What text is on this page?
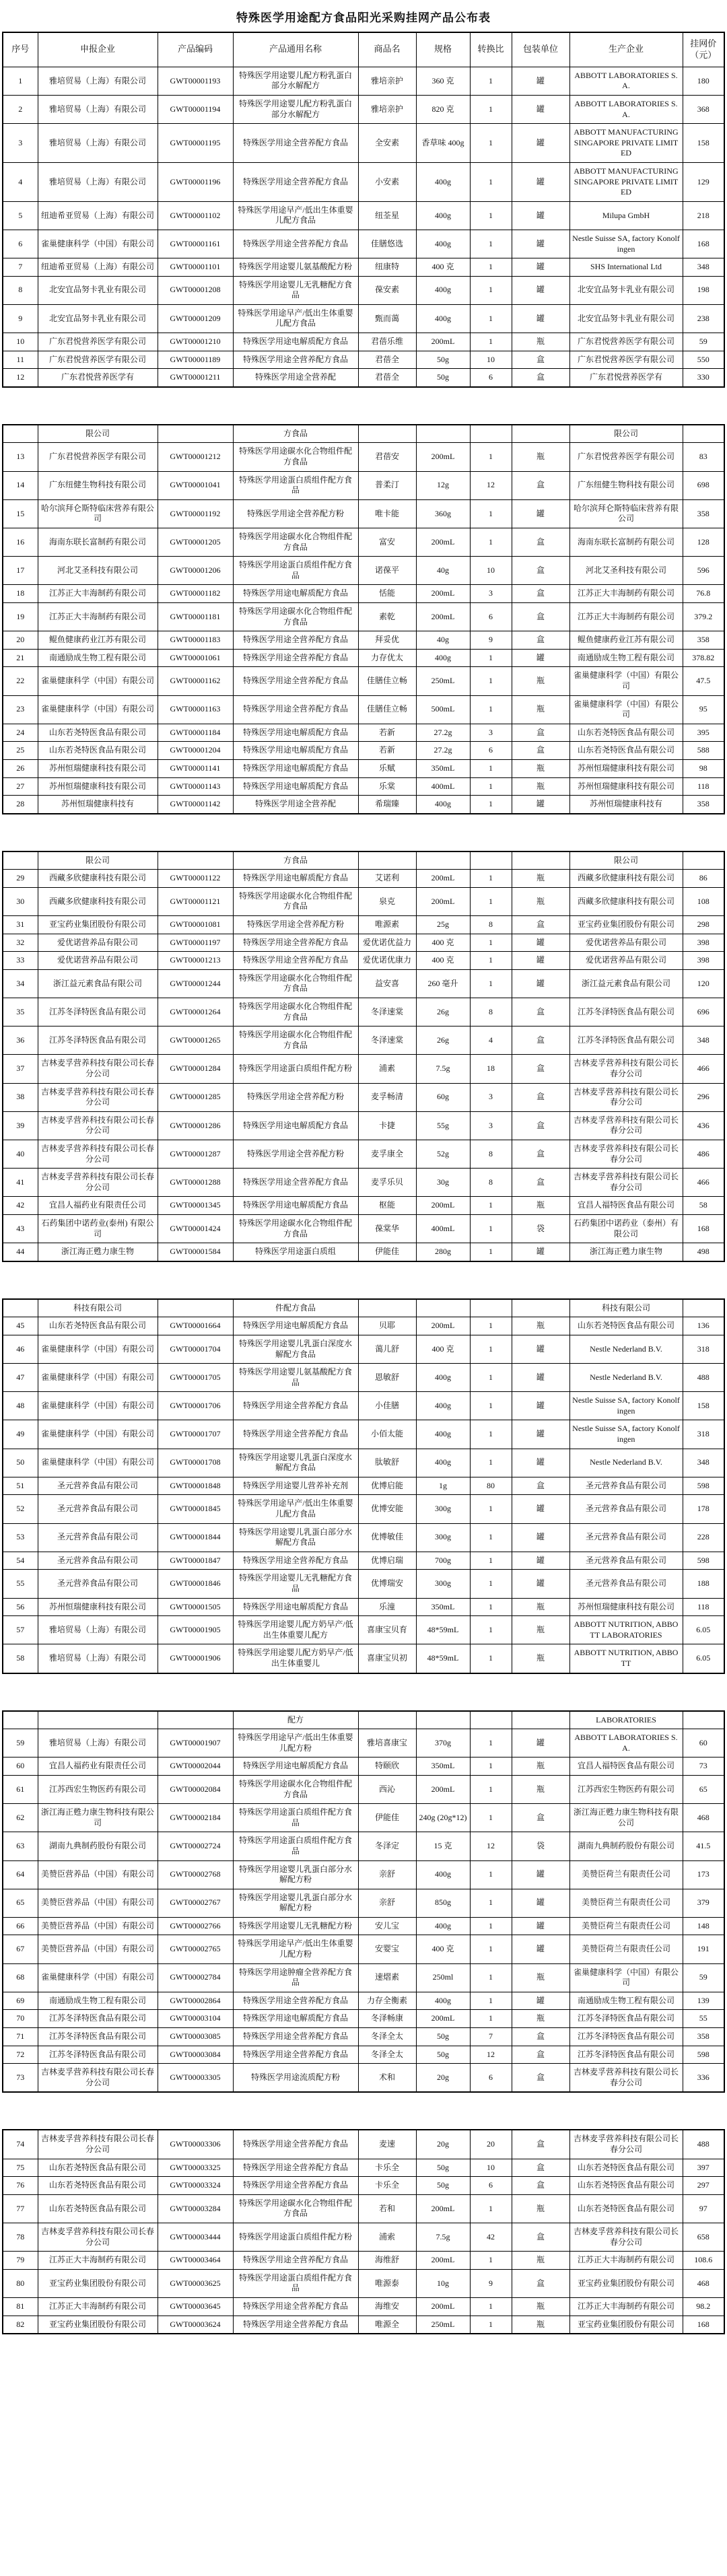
特殊医学用途配方食品阳光采购挂网产品公布表
序号	申报企业	产品编码	产品通用名称	商品名	规格	转换比	包装单位	生产企业	挂网价（元）
1	雅培贸易（上海）有限公司	GWT00001193	特殊医学用途婴儿配方粉乳蛋白部分水解配方	雅培亲护	360 克	1	罐	ABBOTT LABORATORIES S.A.	180
2	雅培贸易（上海）有限公司	GWT00001194	特殊医学用途婴儿配方粉乳蛋白部分水解配方	雅培亲护	820 克	1	罐	ABBOTT LABORATORIES S.A.	368
3	雅培贸易（上海）有限公司	GWT00001195	特殊医学用途全营养配方食品	全安素	香草味 400g	1	罐	ABBOTT MANUFACTURING SINGAPORE PRIVATE LIMITED	158
4	雅培贸易（上海）有限公司	GWT00001196	特殊医学用途全营养配方食品	小安素	400g	1	罐	ABBOTT MANUFACTURING SINGAPORE PRIVATE LIMITED	129
5	纽迪希亚贸易（上海）有限公司	GWT00001102	特殊医学用途早产/低出生体重婴儿配方食品	纽荃星	400g	1	罐	Milupa GmbH	218
6	雀巢健康科学（中国）有限公司	GWT00001161	特殊医学用途全营养配方食品	佳膳悠选	400g	1	罐	Nestle Suisse SA, factory Konolfingen	168
7	纽迪希亚贸易（上海）有限公司	GWT00001101	特殊医学用途婴儿氨基酸配方粉	纽康特	400 克	1	罐	SHS International Ltd	348
8	北安宜品努卡乳业有限公司	GWT00001208	特殊医学用途婴儿无乳糖配方食品	葆安素	400g	1	罐	北安宜品努卡乳业有限公司	198
9	北安宜品努卡乳业有限公司	GWT00001209	特殊医学用途早产/低出生体重婴儿配方食品	甄而蔼	400g	1	罐	北安宜品努卡乳业有限公司	238
10	广东君悦营养医学有限公司	GWT00001210	特殊医学用途电解质配方食品	君蓓乐维	200mL	1	瓶	广东君悦营养医学有限公司	59
11	广东君悦营养医学有限公司	GWT00001189	特殊医学用途全营养配方食品	君蓓全	50g	10	盒	广东君悦营养医学有限公司	550
12	广东君悦营养医学有	GWT00001211	特殊医学用途全营养配	君蓓全	50g	6	盒	广东君悦营养医学有	330
	限公司		方食品					限公司	
13	广东君悦营养医学有限公司	GWT00001212	特殊医学用途碳水化合物组件配方食品	君蓓安	200mL	1	瓶	广东君悦营养医学有限公司	83
14	广东纽健生物科技有限公司	GWT00001041	特殊医学用途蛋白质组件配方食品	普柔汀	12g	12	盒	广东纽健生物科技有限公司	698
15	哈尔滨拜仑斯特临床营养有限公司	GWT00001192	特殊医学用途全营养配方粉	唯卡能	360g	1	罐	哈尔滨拜仑斯特临床营养有限公司	358
16	海南东联长富制药有限公司	GWT00001205	特殊医学用途碳水化合物组件配方食品	富安	200mL	1	盒	海南东联长富制药有限公司	128
17	河北艾圣科技有限公司	GWT00001206	特殊医学用途蛋白质组件配方食品	诺葆平	40g	10	盒	河北艾圣科技有限公司	596
18	江苏正大丰海制药有限公司	GWT00001182	特殊医学用途电解质配方食品	恬能	200mL	3	盒	江苏正大丰海制药有限公司	76.8
19	江苏正大丰海制药有限公司	GWT00001181	特殊医学用途碳水化合物组件配方食品	素乾	200mL	6	盒	江苏正大丰海制药有限公司	379.2
20	鲲鱼健康药业江苏有限公司	GWT00001183	特殊医学用途全营养配方食品	拜妥优	40g	9	盒	鲲鱼健康药业江苏有限公司	358
21	南通励成生物工程有限公司	GWT00001061	特殊医学用途全营养配方食品	力存优太	400g	1	罐	南通励成生物工程有限公司	378.82
22	雀巢健康科学（中国）有限公司	GWT00001162	特殊医学用途全营养配方食品	佳膳佳立畅	250mL	1	瓶	雀巢健康科学（中国）有限公司	47.5
23	雀巢健康科学（中国）有限公司	GWT00001163	特殊医学用途全营养配方食品	佳膳佳立畅	500mL	1	瓶	雀巢健康科学（中国）有限公司	95
24	山东若尧特医食品有限公司	GWT00001184	特殊医学用途电解质配方食品	若新	27.2g	3	盒	山东若尧特医食品有限公司	395
25	山东若尧特医食品有限公司	GWT00001204	特殊医学用途电解质配方食品	若新	27.2g	6	盒	山东若尧特医食品有限公司	588
26	苏州恒瑞健康科技有限公司	GWT00001141	特殊医学用途电解质配方食品	乐赋	350mL	1	瓶	苏州恒瑞健康科技有限公司	98
27	苏州恒瑞健康科技有限公司	GWT00001143	特殊医学用途电解质配方食品	乐棠	400mL	1	瓶	苏州恒瑞健康科技有限公司	118
28	苏州恒瑞健康科技有	GWT00001142	特殊医学用途全营养配	希瑞臻	400g	1	罐	苏州恒瑞健康科技有	358
	限公司		方食品					限公司	
29	西藏多欣健康科技有限公司	GWT00001122	特殊医学用途电解质配方食品	艾诺利	200mL	1	瓶	西藏多欣健康科技有限公司	86
30	西藏多欣健康科技有限公司	GWT00001121	特殊医学用途碳水化合物组件配方食品	泉克	200mL	1	瓶	西藏多欣健康科技有限公司	108
31	亚宝药业集团股份有限公司	GWT00001081	特殊医学用途全营养配方粉	唯源素	25g	8	盒	亚宝药业集团股份有限公司	298
32	爱优诺营养品有限公司	GWT00001197	特殊医学用途全营养配方食品	爱优诺优益力	400 克	1	罐	爱优诺营养品有限公司	398
33	爱优诺营养品有限公司	GWT00001213	特殊医学用途全营养配方食品	爱优诺优康力	400 克	1	罐	爱优诺营养品有限公司	398
34	浙江益元素食品有限公司	GWT00001244	特殊医学用途碳水化合物组件配方食品	益安喜	260 毫升	1	罐	浙江益元素食品有限公司	120
35	江苏冬泽特医食品有限公司	GWT00001264	特殊医学用途碳水化合物组件配方食品	冬泽速棠	26g	8	盒	江苏冬泽特医食品有限公司	696
36	江苏冬泽特医食品有限公司	GWT00001265	特殊医学用途碳水化合物组件配方食品	冬泽速棠	26g	4	盒	江苏冬泽特医食品有限公司	348
37	吉林麦孚营养科技有限公司长春分公司	GWT00001284	特殊医学用途蛋白质组件配方粉	浦素	7.5g	18	盒	吉林麦孚营养科技有限公司长春分公司	466
38	吉林麦孚营养科技有限公司长春分公司	GWT00001285	特殊医学用途全营养配方粉	麦孚畅清	60g	3	盒	吉林麦孚营养科技有限公司长春分公司	296
39	吉林麦孚营养科技有限公司长春分公司	GWT00001286	特殊医学用途电解质配方食品	卡捷	55g	3	盒	吉林麦孚营养科技有限公司长春分公司	436
40	吉林麦孚营养科技有限公司长春分公司	GWT00001287	特殊医学用途全营养配方粉	麦孚康全	52g	8	盒	吉林麦孚营养科技有限公司长春分公司	486
41	吉林麦孚营养科技有限公司长春分公司	GWT00001288	特殊医学用途全营养配方食品	麦孚乐贝	30g	8	盒	吉林麦孚营养科技有限公司长春分公司	466
42	宜昌人福药业有限责任公司	GWT00001345	特殊医学用途电解质配方食品	枢能	200mL	1	瓶	宜昌人福特医食品有限公司	58
43	石药集团中诺药业(泰州) 有限公司	GWT00001424	特殊医学用途碳水化合物组件配方食品	葆棠华	400mL	1	袋	石药集团中诺药业（泰州）有限公司	168
44	浙江海正甦力康生物	GWT00001584	特殊医学用途蛋白质组	伊能佳	280g	1	罐	浙江海正甦力康生物	498
	科技有限公司		件配方食品					科技有限公司	
45	山东若尧特医食品有限公司	GWT00001664	特殊医学用途电解质配方食品	贝耶	200mL	1	瓶	山东若尧特医食品有限公司	136
46	雀巢健康科学（中国）有限公司	GWT00001704	特殊医学用途婴儿乳蛋白深度水解配方食品	蔼儿舒	400 克	1	罐	Nestle Nederland B.V.	318
47	雀巢健康科学（中国）有限公司	GWT00001705	特殊医学用途婴儿氨基酸配方食品	恩敏舒	400g	1	罐	Nestle Nederland B.V.	488
48	雀巢健康科学（中国）有限公司	GWT00001706	特殊医学用途全营养配方食品	小佳膳	400g	1	罐	Nestle Suisse SA, factory Konolfingen	158
49	雀巢健康科学（中国）有限公司	GWT00001707	特殊医学用途全营养配方食品	小佰太能	400g	1	罐	Nestle Suisse SA, factory Konolfingen	318
50	雀巢健康科学（中国）有限公司	GWT00001708	特殊医学用途婴儿乳蛋白深度水解配方食品	肽敏舒	400g	1	罐	Nestle Nederland B.V.	348
51	圣元营养食品有限公司	GWT00001848	特殊医学用途婴儿营养补充剂	优博启能	1g	80	盒	圣元营养食品有限公司	598
52	圣元营养食品有限公司	GWT00001845	特殊医学用途早产/低出生体重婴儿配方食品	优博安能	300g	1	罐	圣元营养食品有限公司	178
53	圣元营养食品有限公司	GWT00001844	特殊医学用途婴儿乳蛋白部分水解配方食品	优博敏佳	300g	1	罐	圣元营养食品有限公司	228
54	圣元营养食品有限公司	GWT00001847	特殊医学用途全营养配方食品	优博启瑞	700g	1	罐	圣元营养食品有限公司	598
55	圣元营养食品有限公司	GWT00001846	特殊医学用途婴儿无乳糖配方食品	优博瑞安	300g	1	罐	圣元营养食品有限公司	188
56	苏州恒瑞健康科技有限公司	GWT00001505	特殊医学用途电解质配方食品	乐潼	350mL	1	瓶	苏州恒瑞健康科技有限公司	118
57	雅培贸易（上海）有限公司	GWT00001905	特殊医学用途婴儿配方奶早产/低出生体重婴儿配方	喜康宝贝育	48*59mL	1	瓶	ABBOTT NUTRITION, ABBOTT LABORATORIES	6.05
58	雅培贸易（上海）有限公司	GWT00001906	特殊医学用途婴儿配方奶早产/低出生体重婴儿	喜康宝贝初	48*59mL	1	瓶	ABBOTT NUTRITION, ABBOTT	6.05
			配方					LABORATORIES	
59	雅培贸易（上海）有限公司	GWT00001907	特殊医学用途早产/低出生体重婴儿配方粉	雅培喜康宝	370g	1	罐	ABBOTT LABORATORIES S.A.	60
60	宜昌人福药业有限责任公司	GWT00002044	特殊医学用途电解质配方食品	特颐欣	350mL	1	瓶	宜昌人福特医食品有限公司	73
61	江苏西宏生物医药有限公司	GWT00002084	特殊医学用途碳水化合物组件配方食品	西沁	200mL	1	瓶	江苏西宏生物医药有限公司	65
62	浙江海正甦力康生物科技有限公司	GWT00002184	特殊医学用途蛋白质组件配方食品	伊能佳	240g (20g*12)	1	盒	浙江海正甦力康生物科技有限公司	468
63	湖南九典制药股份有限公司	GWT00002724	特殊医学用途蛋白质组件配方食品	冬泽定	15 克	12	袋	湖南九典制药股份有限公司	41.5
64	美赞臣营养品（中国）有限公司	GWT00002768	特殊医学用途婴儿乳蛋白部分水解配方粉	亲舒	400g	1	罐	美赞臣荷兰有限责任公司	173
65	美赞臣营养品（中国）有限公司	GWT00002767	特殊医学用途婴儿乳蛋白部分水解配方粉	亲舒	850g	1	罐	美赞臣荷兰有限责任公司	379
66	美赞臣营养品（中国）有限公司	GWT00002766	特殊医学用途婴儿无乳糖配方粉	安儿宝	400g	1	罐	美赞臣荷兰有限责任公司	148
67	美赞臣营养品（中国）有限公司	GWT00002765	特殊医学用途早产/低出生体重婴儿配方粉	安婴宝	400 克	1	罐	美赞臣荷兰有限责任公司	191
68	雀巢健康科学（中国）有限公司	GWT00002784	特殊医学用途肿瘤全营养配方食品	速熠素	250ml	1	瓶	雀巢健康科学（中国）有限公司	59
69	南通励成生物工程有限公司	GWT00002864	特殊医学用途全营养配方食品	力存全衡素	400g	1	罐	南通励成生物工程有限公司	139
70	江苏冬泽特医食品有限公司	GWT00003104	特殊医学用途电解质配方食品	冬泽畅康	200mL	1	瓶	江苏冬泽特医食品有限公司	55
71	江苏冬泽特医食品有限公司	GWT00003085	特殊医学用途全营养配方食品	冬泽全太	50g	7	盒	江苏冬泽特医食品有限公司	358
72	江苏冬泽特医食品有限公司	GWT00003084	特殊医学用途全营养配方食品	冬泽全太	50g	12	盒	江苏冬泽特医食品有限公司	598
73	吉林麦孚营养科技有限公司长春分公司	GWT00003305	特殊医学用途流质配方粉	术和	20g	6	盒	吉林麦孚营养科技有限公司长春分公司	336
74	吉林麦孚营养科技有限公司长春分公司	GWT00003306	特殊医学用途全营养配方食品	麦速	20g	20	盒	吉林麦孚营养科技有限公司长春分公司	488
75	山东若尧特医食品有限公司	GWT00003325	特殊医学用途全营养配方食品	卡乐全	50g	10	盒	山东若尧特医食品有限公司	397
76	山东若尧特医食品有限公司	GWT00003324	特殊医学用途全营养配方食品	卡乐全	50g	6	盒	山东若尧特医食品有限公司	297
77	山东若尧特医食品有限公司	GWT00003284	特殊医学用途碳水化合物组件配方食品	若和	200mL	1	瓶	山东若尧特医食品有限公司	97
78	吉林麦孚营养科技有限公司长春分公司	GWT00003444	特殊医学用途蛋白质组件配方粉	浦索	7.5g	42	盒	吉林麦孚营养科技有限公司长春分公司	658
79	江苏正大丰海制药有限公司	GWT00003464	特殊医学用途全营养配方食品	海维舒	200mL	1	瓶	江苏正大丰海制药有限公司	108.6
80	亚宝药业集团股份有限公司	GWT00003625	特殊医学用途蛋白质组件配方食品	唯源泰	10g	9	盒	亚宝药业集团股份有限公司	468
81	江苏正大丰海制药有限公司	GWT00003645	特殊医学用途全营养配方食品	海维安	200mL	1	瓶	江苏正大丰海制药有限公司	98.2
82	亚宝药业集团股份有限公司	GWT00003624	特殊医学用途全营养配方食品	唯源全	250mL	1	瓶	亚宝药业集团股份有限公司	168
